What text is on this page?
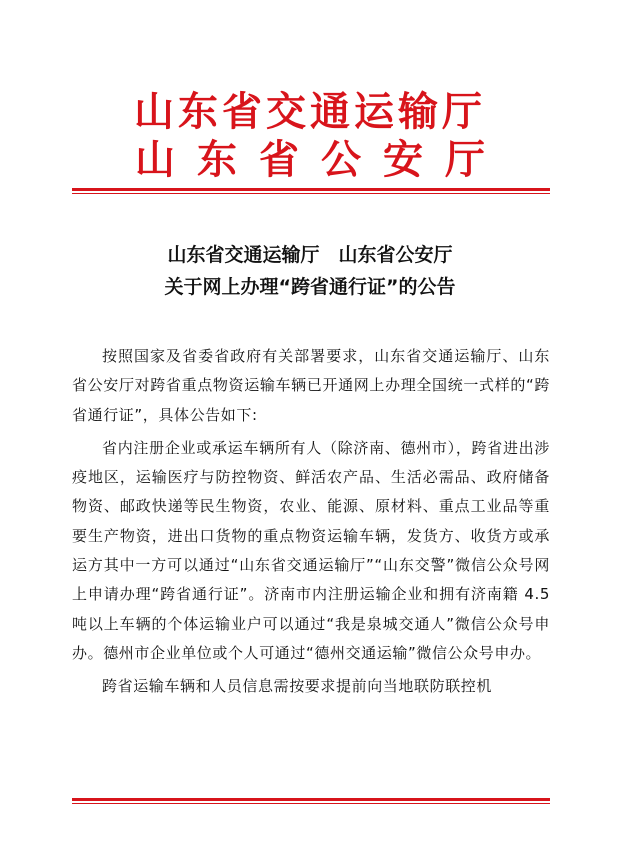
山东省交通运输厅
山东省公安厅
山东省交通运输厅　山东省公安厅
关于网上办理“跨省通行证”的公告

按照国家及省委省政府有关部署要求，山东省交通运输厅、山东省公安厅对跨省重点物资运输车辆已开通网上办理全国统一式样的“跨省通行证”，具体公告如下:

省内注册企业或承运车辆所有人（除济南、德州市），跨省进出涉疫地区，运输医疗与防控物资、鲜活农产品、生活必需品、政府储备物资、邮政快递等民生物资，农业、能源、原材料、重点工业品等重要生产物资，进出口货物的重点物资运输车辆，发货方、收货方或承运方其中一方可以通过“山东省交通运输厅”“山东交警”微信公众号网上申请办理“跨省通行证”。济南市内注册运输企业和拥有济南籍 4.5 吨以上车辆的个体运输业户可以通过“我是泉城交通人”微信公众号申办。德州市企业单位或个人可通过“德州交通运输”微信公众号申办。

跨省运输车辆和人员信息需按要求提前向当地联防联控机
